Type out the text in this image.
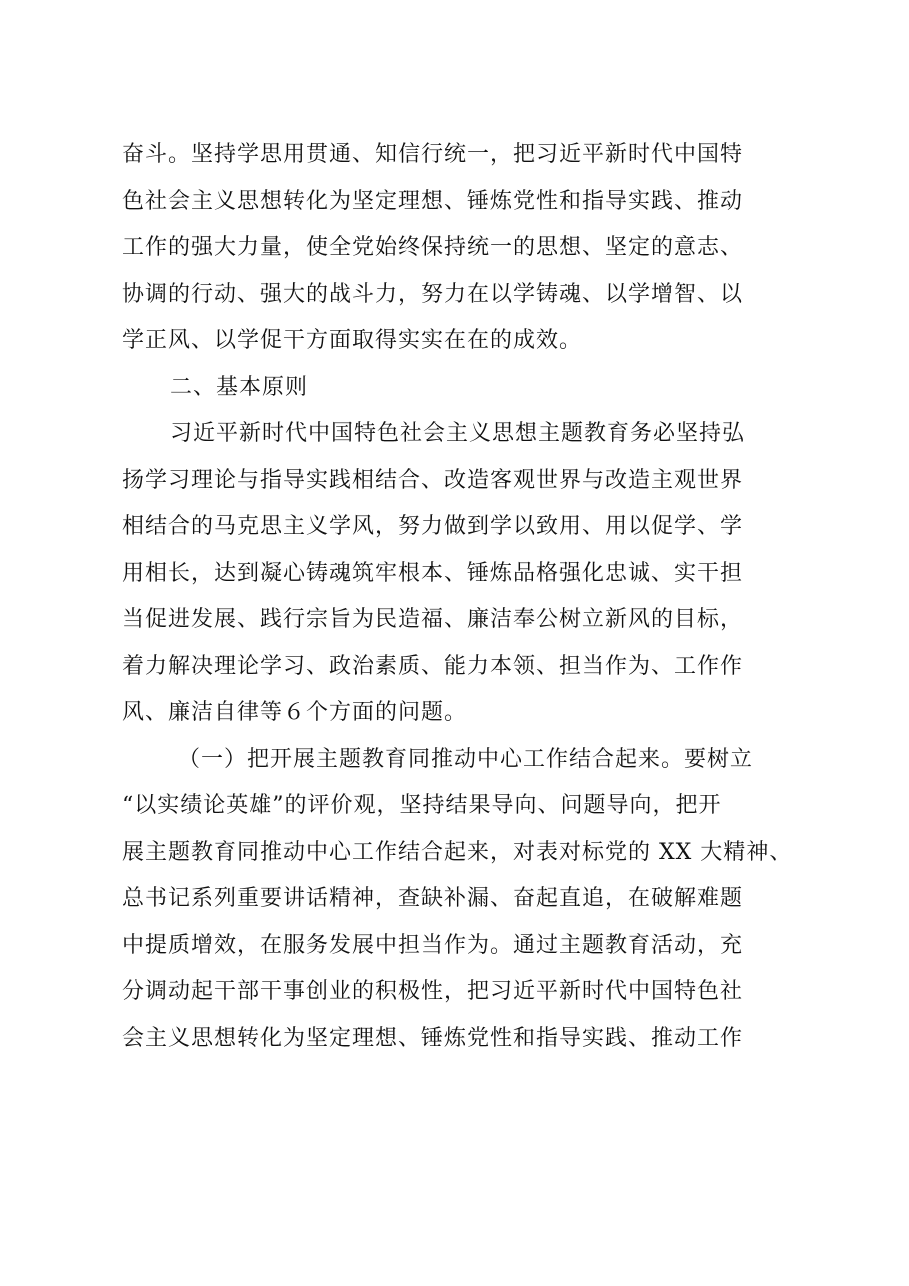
奋斗。坚持学思用贯通、知信行统一，把习近平新时代中国特
色社会主义思想转化为坚定理想、锤炼党性和指导实践、推动
工作的强大力量，使全党始终保持统一的思想、坚定的意志、
协调的行动、强大的战斗力，努力在以学铸魂、以学增智、以
学正风、以学促干方面取得实实在在的成效。
二、基本原则
习近平新时代中国特色社会主义思想主题教育务必坚持弘
扬学习理论与指导实践相结合、改造客观世界与改造主观世界
相结合的马克思主义学风，努力做到学以致用、用以促学、学
用相长，达到凝心铸魂筑牢根本、锤炼品格强化忠诚、实干担
当促进发展、践行宗旨为民造福、廉洁奉公树立新风的目标，
着力解决理论学习、政治素质、能力本领、担当作为、工作作
风、廉洁自律等６个方面的问题。
（一）把开展主题教育同推动中心工作结合起来。要树立
“以实绩论英雄”的评价观，坚持结果导向、问题导向，把开
展主题教育同推动中心工作结合起来，对表对标党的 XX 大精神、
总书记系列重要讲话精神，查缺补漏、奋起直追，在破解难题
中提质增效，在服务发展中担当作为。通过主题教育活动，充
分调动起干部干事创业的积极性，把习近平新时代中国特色社
会主义思想转化为坚定理想、锤炼党性和指导实践、推动工作
